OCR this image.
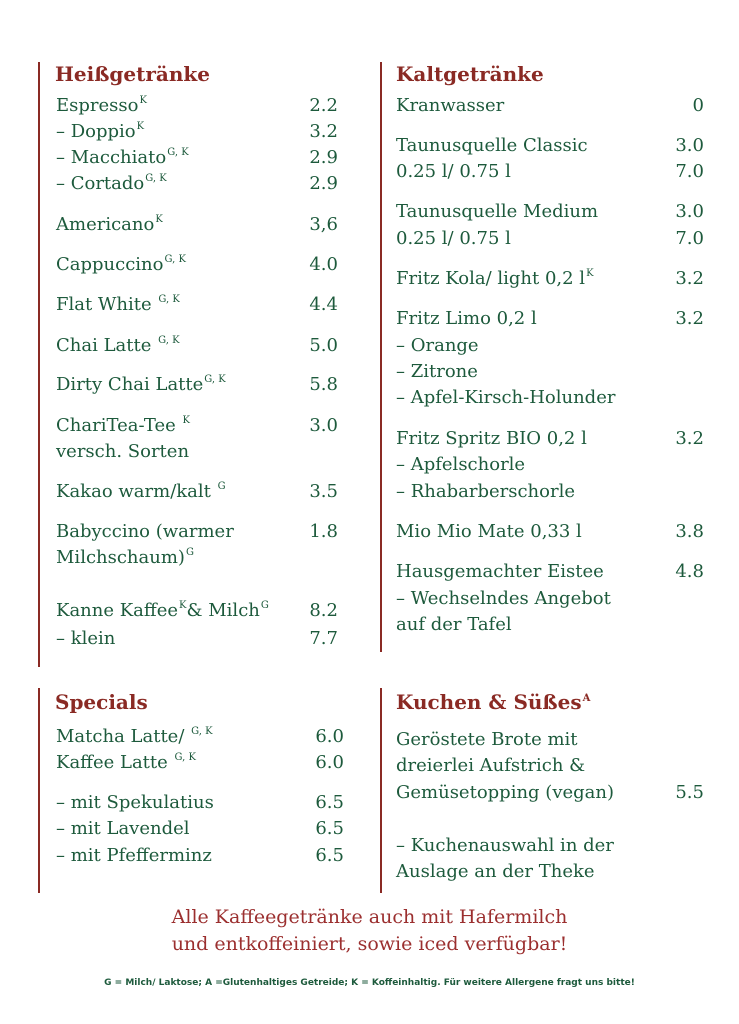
Heißgetränke	Kaltgetränke
Specials	Kuchen & Süßes$^A$
Espresso$^K$	2.2
– Doppio$^K$	3.2
– Macchiato$^{G, K}$	2.9
– Cortado$^{G, K}$	2.9
Americano$^K$	3,6
Cappuccino$^{G, K}$	4.0
Flat White $^{G, K}$	4.4
Chai Latte $^{G, K}$	5.0
Dirty Chai Latte$^{G, K}$	5.8
ChariTea-Tee $^K$	3.0
versch. Sorten
Kakao warm/kalt $^G$	3.5
Babyccino (warmer	1.8
Milchschaum)$^G$
Kanne Kaffee$^K$& Milch$^G$	8.2
– klein	7.7
Kranwasser	0
Taunusquelle Classic	3.0
0.25 l/ 0.75 l	7.0
Taunusquelle Medium	3.0
0.25 l/ 0.75 l	7.0
Fritz Kola/ light 0,2 $l^K$	3.2
Fritz Limo 0,2 l	3.2
– Orange
– Zitrone
– Apfel-Kirsch-Holunder
Fritz Spritz BIO 0,2 l	3.2
– Apfelschorle
– Rhabarberschorle
Mio Mio Mate 0,33 l	3.8
Hausgemachter Eistee	4.8
– Wechselndes Angebot
auf der Tafel
Matcha Latte/ $^{G, K}$	6.0
Kaffee Latte $^{G, K}$	6.0
– mit Spekulatius	6.5
– mit Lavendel	6.5
– mit Pfefferminz	6.5
Geröstete Brote mit
dreierlei Aufstrich &
Gemüsetopping (vegan)	5.5
– Kuchenauswahl in der
Auslage an der Theke
Alle Kaffeegetränke auch mit Hafermilch
und entkoffeiniert, sowie iced verfügbar!
G = Milch/ Laktose; A =Glutenhaltiges Getreide; K = Koffeinhaltig. Für weitere Allergene fragt uns bitte!
